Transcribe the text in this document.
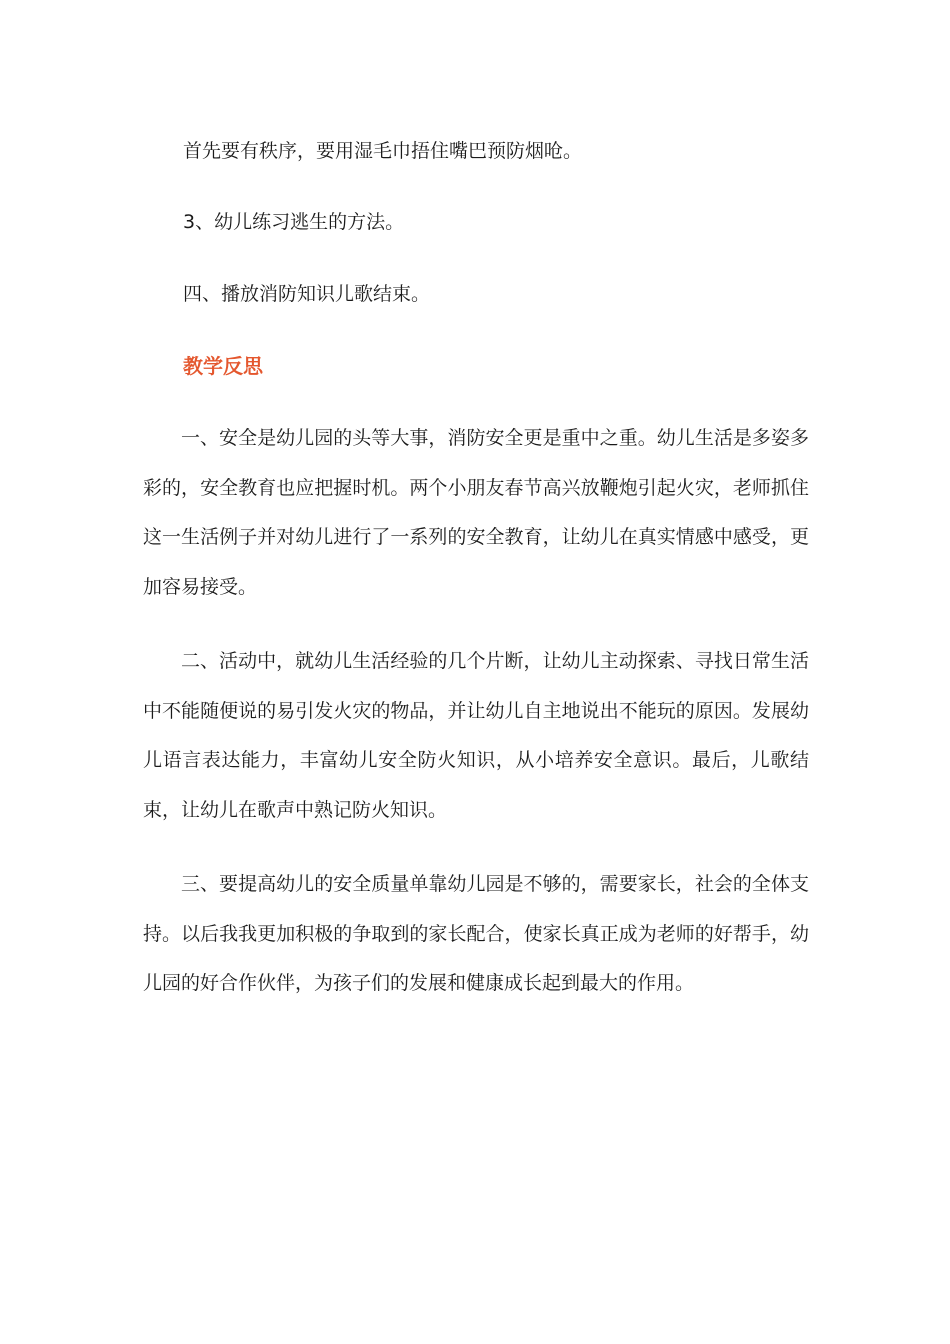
首先要有秩序，要用湿毛巾捂住嘴巴预防烟呛。

3、幼儿练习逃生的方法。

四、播放消防知识儿歌结束。

教学反思

一、安全是幼儿园的头等大事，消防安全更是重中之重。幼儿生活是多姿多彩的，安全教育也应把握时机。两个小朋友春节高兴放鞭炮引起火灾，老师抓住这一生活例子并对幼儿进行了一系列的安全教育，让幼儿在真实情感中感受，更加容易接受。

二、活动中，就幼儿生活经验的几个片断，让幼儿主动探索、寻找日常生活中不能随便说的易引发火灾的物品，并让幼儿自主地说出不能玩的原因。发展幼儿语言表达能力，丰富幼儿安全防火知识，从小培养安全意识。最后，儿歌结束，让幼儿在歌声中熟记防火知识。

三、要提高幼儿的安全质量单靠幼儿园是不够的，需要家长，社会的全体支持。以后我我更加积极的争取到的家长配合，使家长真正成为老师的好帮手，幼儿园的好合作伙伴，为孩子们的发展和健康成长起到最大的作用。
